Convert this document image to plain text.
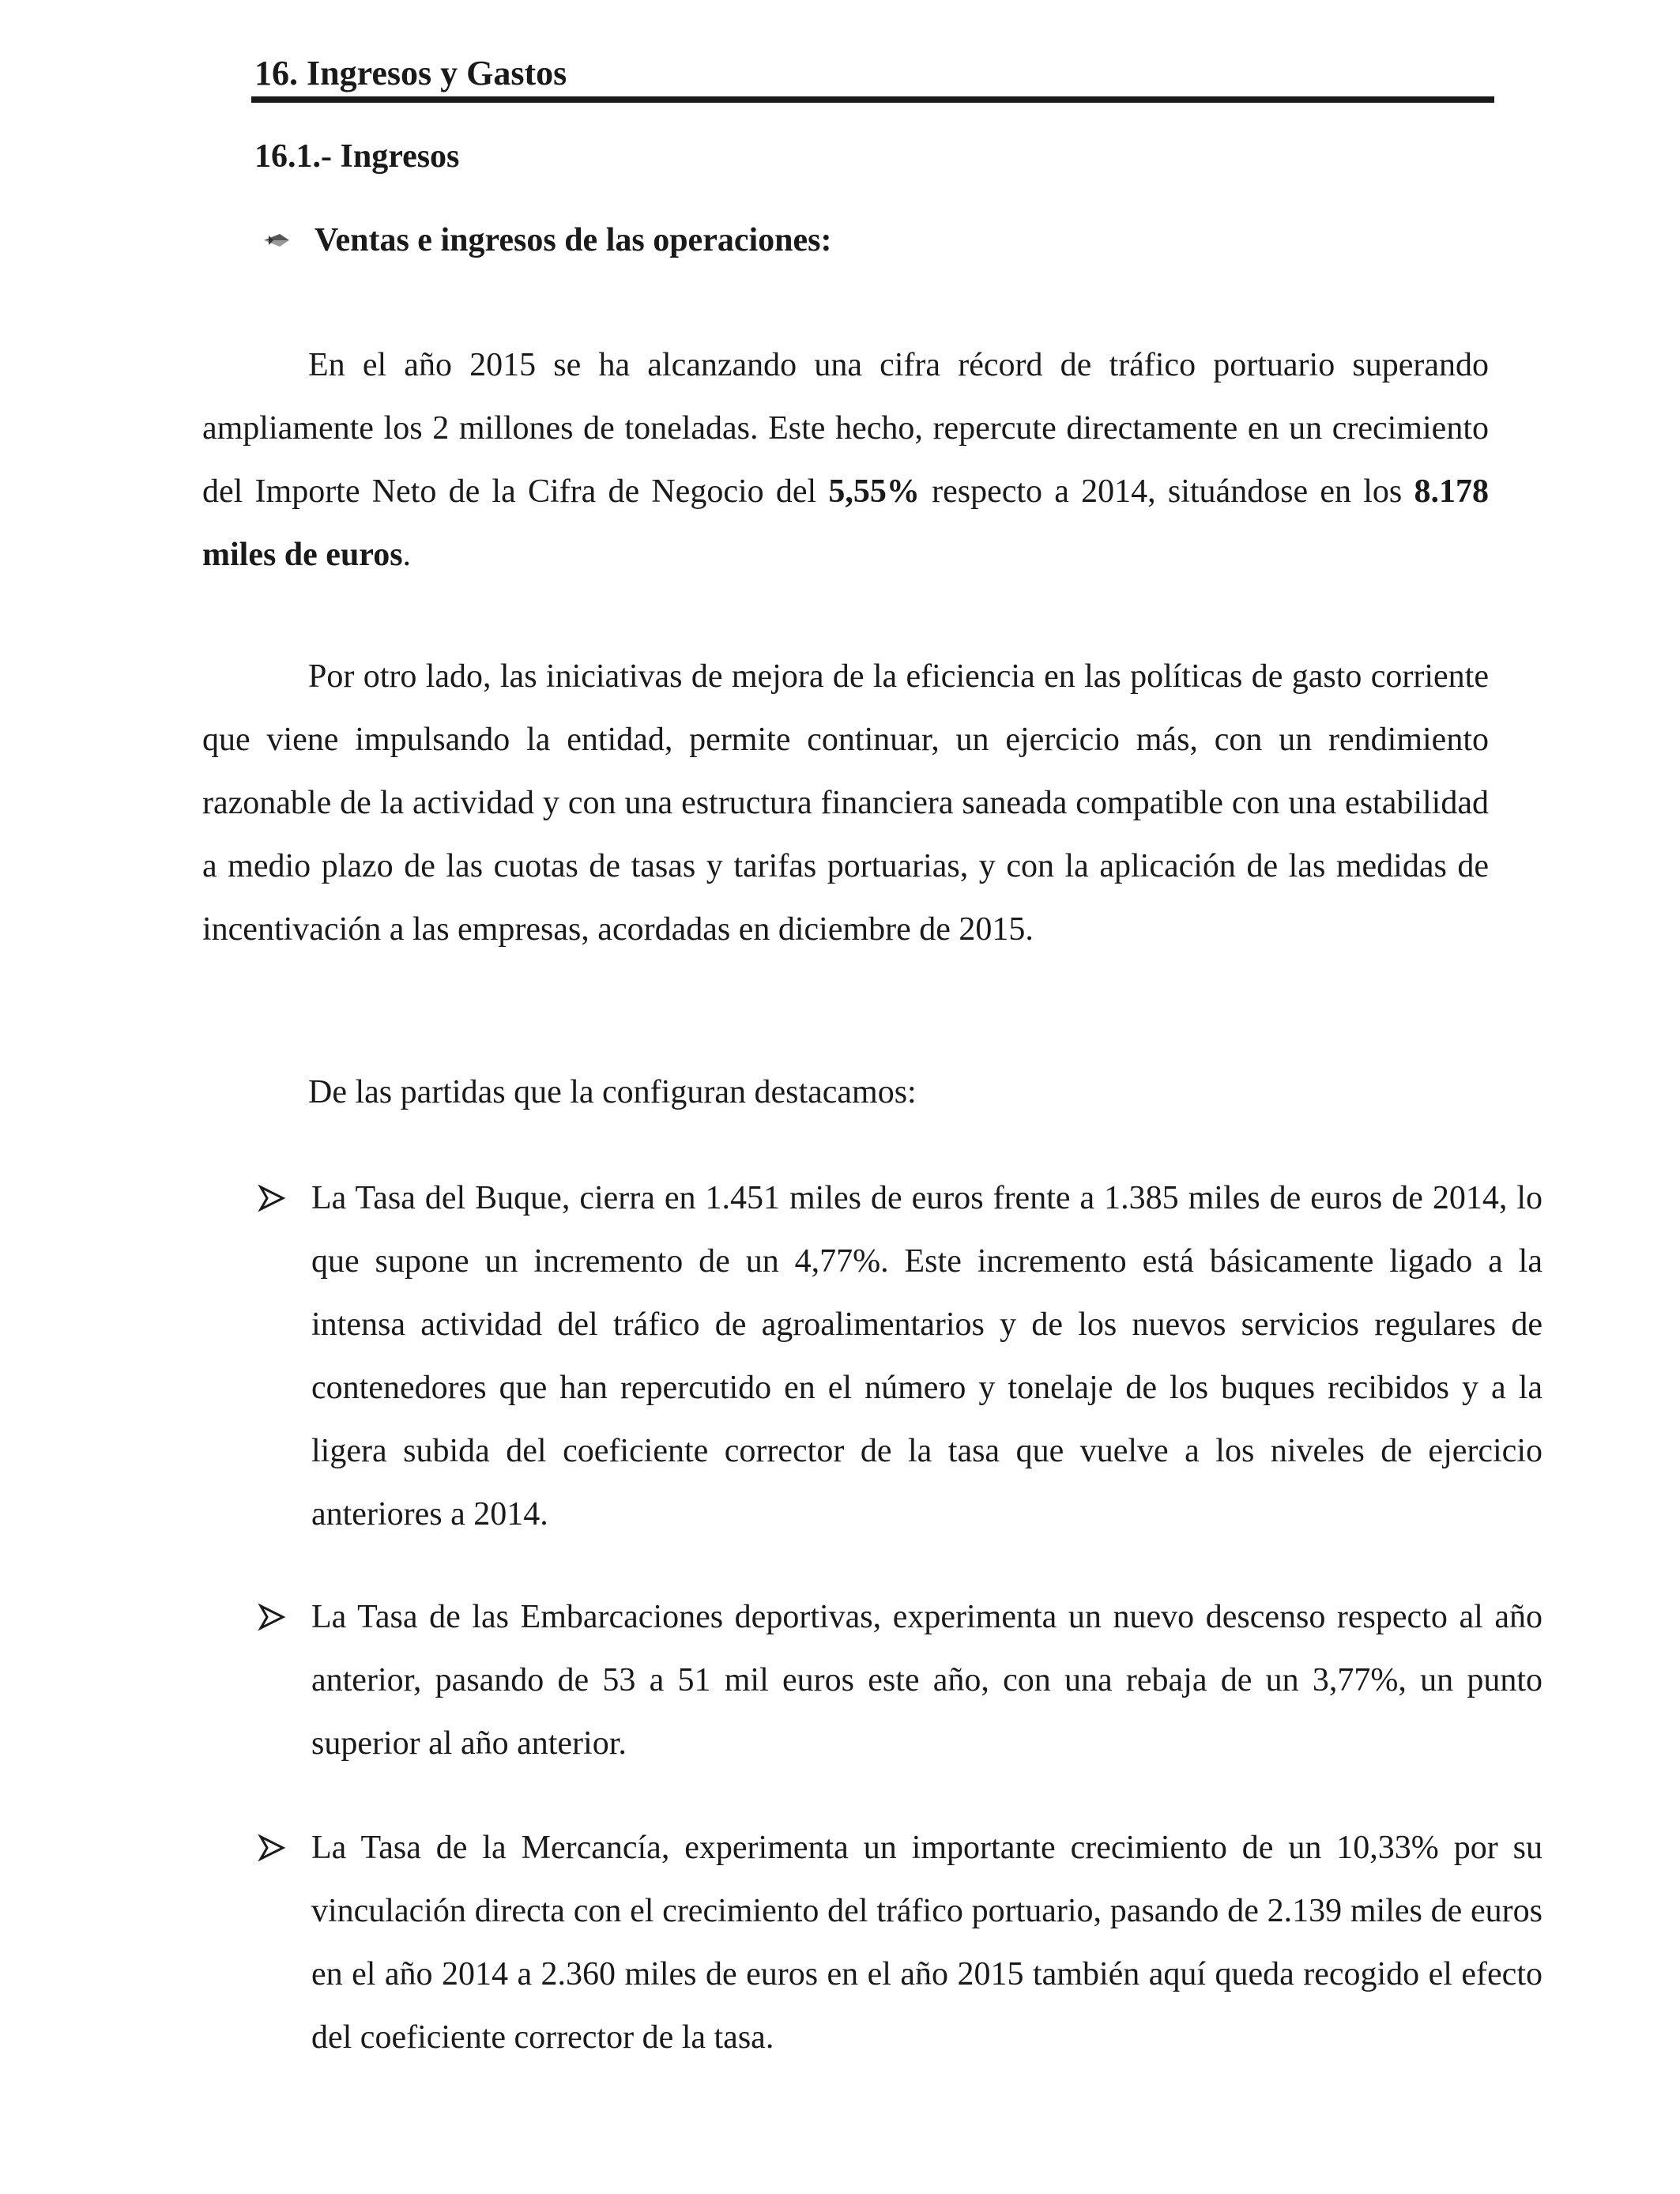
16. Ingresos y Gastos
16.1.- Ingresos
Ventas e ingresos de las operaciones:

En el año 2015 se ha alcanzando una cifra récord de tráfico portuario superando ampliamente los 2 millones de toneladas. Este hecho, repercute directamente en un crecimiento del Importe Neto de la Cifra de Negocio del 5,55% respecto a 2014, situándose en los 8.178 miles de euros.

Por otro lado, las iniciativas de mejora de la eficiencia en las políticas de gasto corriente que viene impulsando la entidad, permite continuar, un ejercicio más, con un rendimiento razonable de la actividad y con una estructura financiera saneada compatible con una estabilidad a medio plazo de las cuotas de tasas y tarifas portuarias, y con la aplicación de las medidas de incentivación a las empresas, acordadas en diciembre de 2015.

De las partidas que la configuran destacamos:

La Tasa del Buque, cierra en 1.451 miles de euros frente a 1.385 miles de euros de 2014, lo que supone un incremento de un 4,77%. Este incremento está básicamente ligado a la intensa actividad del tráfico de agroalimentarios y de los nuevos servicios regulares de contenedores que han repercutido en el número y tonelaje de los buques recibidos y a la ligera subida del coeficiente corrector de la tasa que vuelve a los niveles de ejercicio anteriores a 2014.
La Tasa de las Embarcaciones deportivas, experimenta un nuevo descenso respecto al año anterior, pasando de 53 a 51 mil euros este año, con una rebaja de un 3,77%, un punto superior al año anterior.
La Tasa de la Mercancía, experimenta un importante crecimiento de un 10,33% por su vinculación directa con el crecimiento del tráfico portuario, pasando de 2.139 miles de euros en el año 2014 a 2.360 miles de euros en el año 2015 también aquí queda recogido el efecto del coeficiente corrector de la tasa.
